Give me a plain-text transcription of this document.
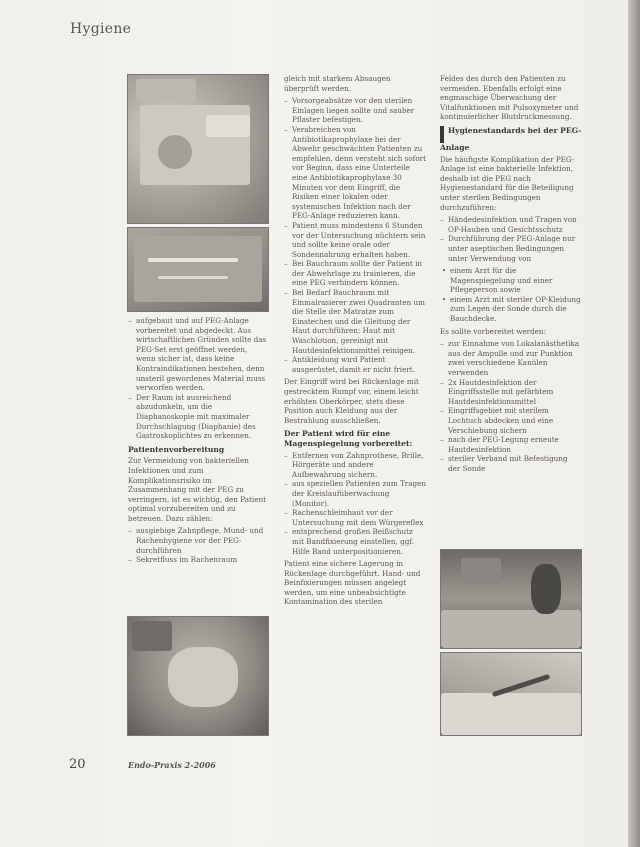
Hygiene
– aufgebaut und auf PEG-Anlage vorbereitet und abgedeckt. Aus wirtschaftlichen Gründen sollte das PEG-Set erst geöffnet werden, wenn sicher ist, dass keine Kontraindikationen bestehen, denn unsteril gewordenes Material muss verworfen werden.
– Der Raum ist ausreichend abzudunkeln, um die Diaphanoskopie mit maximaler Durchschlagung (Diaphanie) des Gastroskoplichtes zu erkennen.
Patientenvorbereitung

Zur Vermeidung von bakteriellen Infektionen und zum Komplikationsrisiko im Zusammenhang mit der PEG zu verringern, ist es wichtig, den Patient optimal vorzubereiten und zu betreuen. Dazu zählen:

– ausgiebige Zahnpflege, Mund- und Rachenhygiene vor der PEG-durchführen
– Sekretfluss im Rachenraum

gleich mit starkem Absaugen überprüft werden.

– Vorsorgeabsätze vor den sterilen Einlagen liegen sollte und sauber Pflaster befestigen.
– Verabreichen von Antibiotikaprophylaxe bei der Abwehr geschwächten Patienten zu empfehlen, denn versteht sich sofort vor Beginn, dass eine Unterteile eine Antibiotikaprophylaxe 30 Minuten vor dem Eingriff, die Risiken einer lokalen oder systemischen Infektion nach der PEG-Anlage reduzieren kann.
– Patient muss mindestens 6 Stunden vor der Untersuchung nüchtern sein und sollte keine orale oder Sondennahrung erhalten haben.
– Bei Bauchraum sollte der Patient in der Abwehrlage zu trainieren, die eine PEG verhindern können.
– Bei Bedarf Bauchraum mit Einmalrasierer zwei Quadranten um die Stelle der Matratze zum Einstechen und die Gleitung der Haut durchführen; Haut mit Waschlotion, gereinigt mit Hautdesinfektionsmittel reinigen.
– Antikleidung wird Patient ausgerüstet, damit er nicht friert.

Der Eingriff wird bei Rückenlage mit gestrecktem Rumpf vor, einem leicht erhöhten Oberkörper, stets diese Position auch Kleidung aus der Bestrahlung ausschließen.

Der Patient wird für eine Magenspiegelung vorbereitet:
– Entfernen von Zahnprothese, Brille, Hörgeräte und andere Aufbewahrung sichern.
– aus speziellen Patienten zum Tragen der Kreislaufüberwachung (Monitor).
– Rachenschleimhaut vor der Untersuchung mit dem Würgereflex
– entsprechend großen Beißschutz mit Bandfixierung einstellen, ggf. Hilfe Band unterpositionieren.

Patient eine sichere Lagerung in Rückenlage durchgeführt. Hand- und Beinfixierungen müssen angelegt werden, um eine unbeabsichtigte Kontamination des sterilen

Feldes des durch den Patienten zu vermeiden. Ebenfalls erfolgt eine engmaschige Überwachung der Vitalfunktionen mit Pulsoxymeter und kontinuierlicher Blutdruckmessung.

Hygienestandards bei der PEG-Anlage

Die häufigste Komplikation der PEG-Anlage ist eine bakterielle Infektion, deshalb ist die PEG nach Hygienestandard für die Beteiligung unter sterilen Bedingungen durchzuführen:

– Händedesinfektion und Tragen von OP-Hauben und Gesichtsschutz
– Durchführung der PEG-Anlage nur unter aseptischen Bedingungen unter Verwendung von
• einem Arzt für die Magenspiegelung und einer Pflegeperson sowie
• einem Arzt mit steriler OP-Kleidung zum Legen der Sonde durch die Bauchdecke.

Es sollte vorbereitet werden:

– zur Einnahme von Lokalanästhetika aus der Ampulle und zur Punktion zwei verschiedene Kanülen verwenden
– 2x Hautdesinfektion der Eingriffsstelle mit gefärbtem Hautdesinfektionsmittel
– Eingriffsgebiet mit sterilem Lochtuch abdecken und eine Verschiebung sichern
– nach der PEG-Legung erneute Hautdesinfektion
– steriler Verband mit Befestigung der Sonde
20	Endo-Praxis 2-2006
